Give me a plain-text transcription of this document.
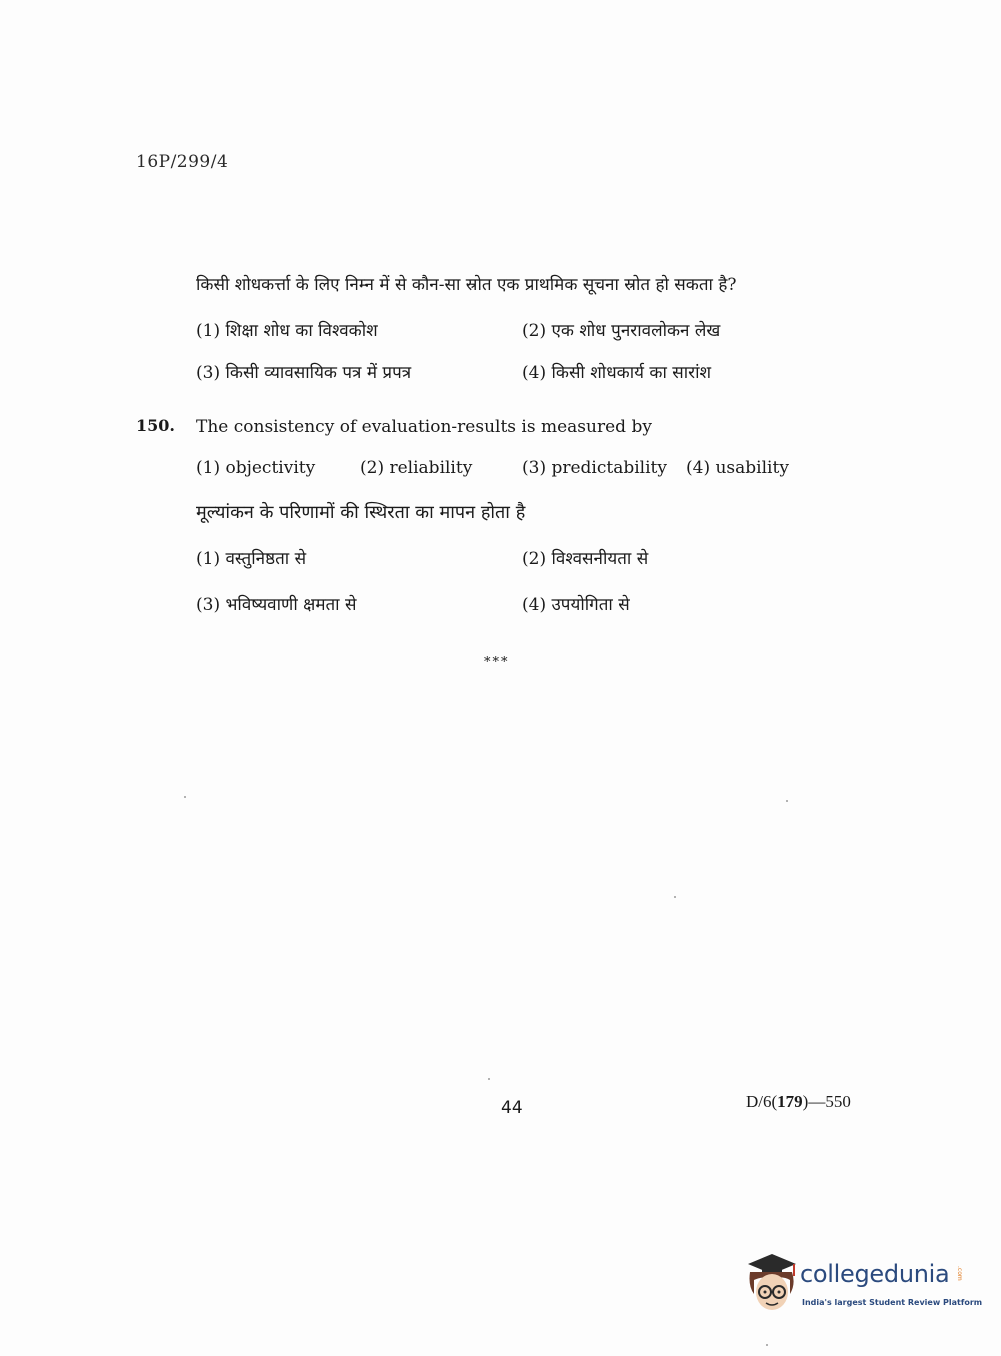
16P/299/4
किसी शोधकर्त्ता के लिए निम्न में से कौन-सा स्रोत एक प्राथमिक सूचना स्रोत हो सकता है?
(1) शिक्षा शोध का विश्वकोश	(2) एक शोध पुनरावलोकन लेख
(3) किसी व्यावसायिक पत्र में प्रपत्र	(4) किसी शोधकार्य का सारांश
150. The consistency of evaluation-results is measured by
(1) objectivity	(2) reliability	(3) predictability (4) usability
मूल्यांकन के परिणामों की स्थिरता का मापन होता है
(1) वस्तुनिष्ठता से	(2) विश्वसनीयता से
(3) भविष्यवाणी क्षमता से	(4) उपयोगिता से
***
44	D/6(179)—550
collegedunia .com
India's largest Student Review Platform
